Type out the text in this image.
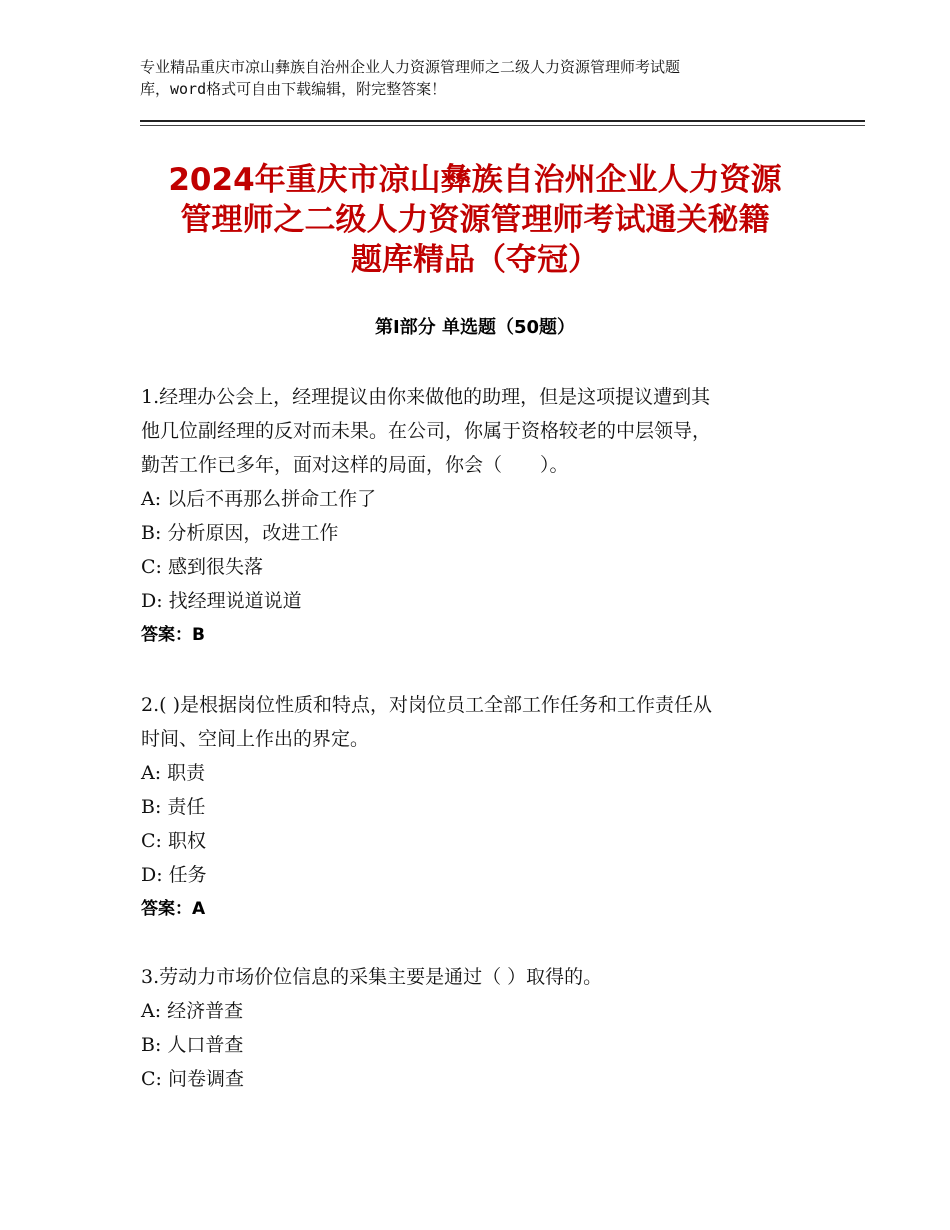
专业精品重庆市凉山彝族自治州企业人力资源管理师之二级人力资源管理师考试题
库，word格式可自由下载编辑，附完整答案！
2024年重庆市凉山彝族自治州企业人力资源
管理师之二级人力资源管理师考试通关秘籍
题库精品（夺冠）
第Ⅰ部分 单选题（50题）

1.经理办公会上，经理提议由你来做他的助理，但是这项提议遭到其

他几位副经理的反对而未果。在公司，你属于资格较老的中层领导，

勤苦工作已多年，面对这样的局面，你会（　　）。

A: 以后不再那么拼命工作了

B: 分析原因，改进工作

C: 感到很失落

D: 找经理说道说道

答案：B

2.( )是根据岗位性质和特点，对岗位员工全部工作任务和工作责任从

时间、空间上作出的界定。

A: 职责

B: 责任

C: 职权

D: 任务

答案：A

3.劳动力市场价位信息的采集主要是通过（ ）取得的。

A: 经济普查

B: 人口普查

C: 问卷调查
